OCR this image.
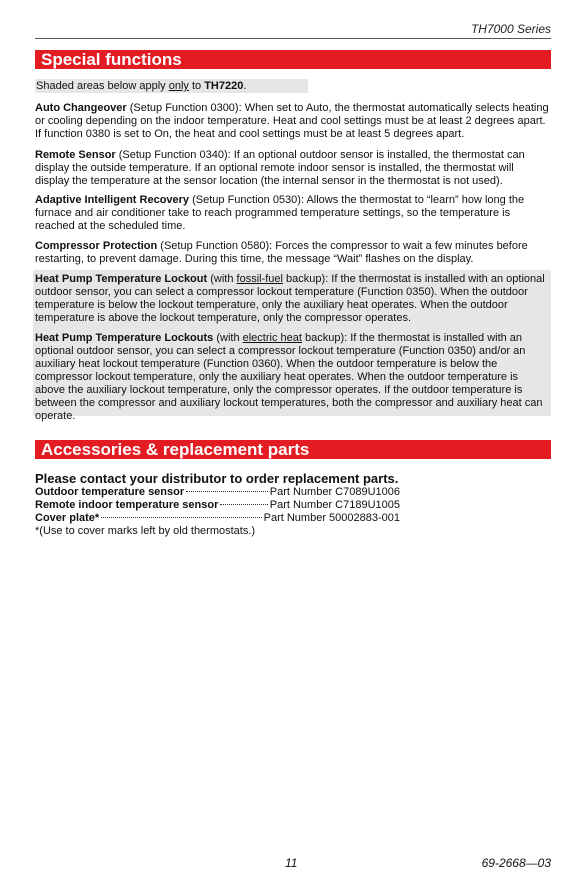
TH7000 Series
Special functions
Shaded areas below apply only to TH7220.

Auto Changeover (Setup Function 0300): When set to Auto, the thermostat automatically selects heating or cooling depending on the indoor temperature. Heat and cool settings must be at least 2 degrees apart. If function 0380 is set to On, the heat and cool settings must be at least 5 degrees apart.

Remote Sensor (Setup Function 0340): If an optional outdoor sensor is installed, the thermostat can display the outside temperature. If an optional remote indoor sensor is installed, the thermostat will display the temperature at the sensor location (the internal sensor in the thermostat is not used).

Adaptive Intelligent Recovery (Setup Function 0530): Allows the thermostat to “learn” how long the furnace and air conditioner take to reach programmed temperature settings, so the temperature is reached at the scheduled time.

Compressor Protection (Setup Function 0580): Forces the compressor to wait a few minutes before restarting, to prevent damage. During this time, the message “Wait” flashes on the display.

Heat Pump Temperature Lockout (with fossil-fuel backup): If the thermostat is installed with an optional outdoor sensor, you can select a compressor lockout temperature (Function 0350). When the outdoor temperature is below the lockout temperature, only the auxiliary heat operates. When the outdoor temperature is above the lockout temperature, only the compressor operates.

Heat Pump Temperature Lockouts (with electric heat backup): If the thermostat is installed with an optional outdoor sensor, you can select a compressor lockout temperature (Function 0350) and/or an auxiliary heat lockout temperature (Function 0360). When the outdoor temperature is below the compressor lockout temperature, only the auxiliary heat operates. When the outdoor temperature is above the auxiliary lockout temperature, only the compressor operates. If the outdoor temperature is between the compressor and auxiliary lockout temperatures, both the compressor and auxiliary heat can operate.

Accessories & replacement parts
Please contact your distributor to order replacement parts.
Outdoor temperature sensor	Part Number C7089U1006
Remote indoor temperature sensor	Part Number C7189U1005
Cover plate*	Part Number 50002883-001
*(Use to cover marks left by old thermostats.)
11	69-2668—03
